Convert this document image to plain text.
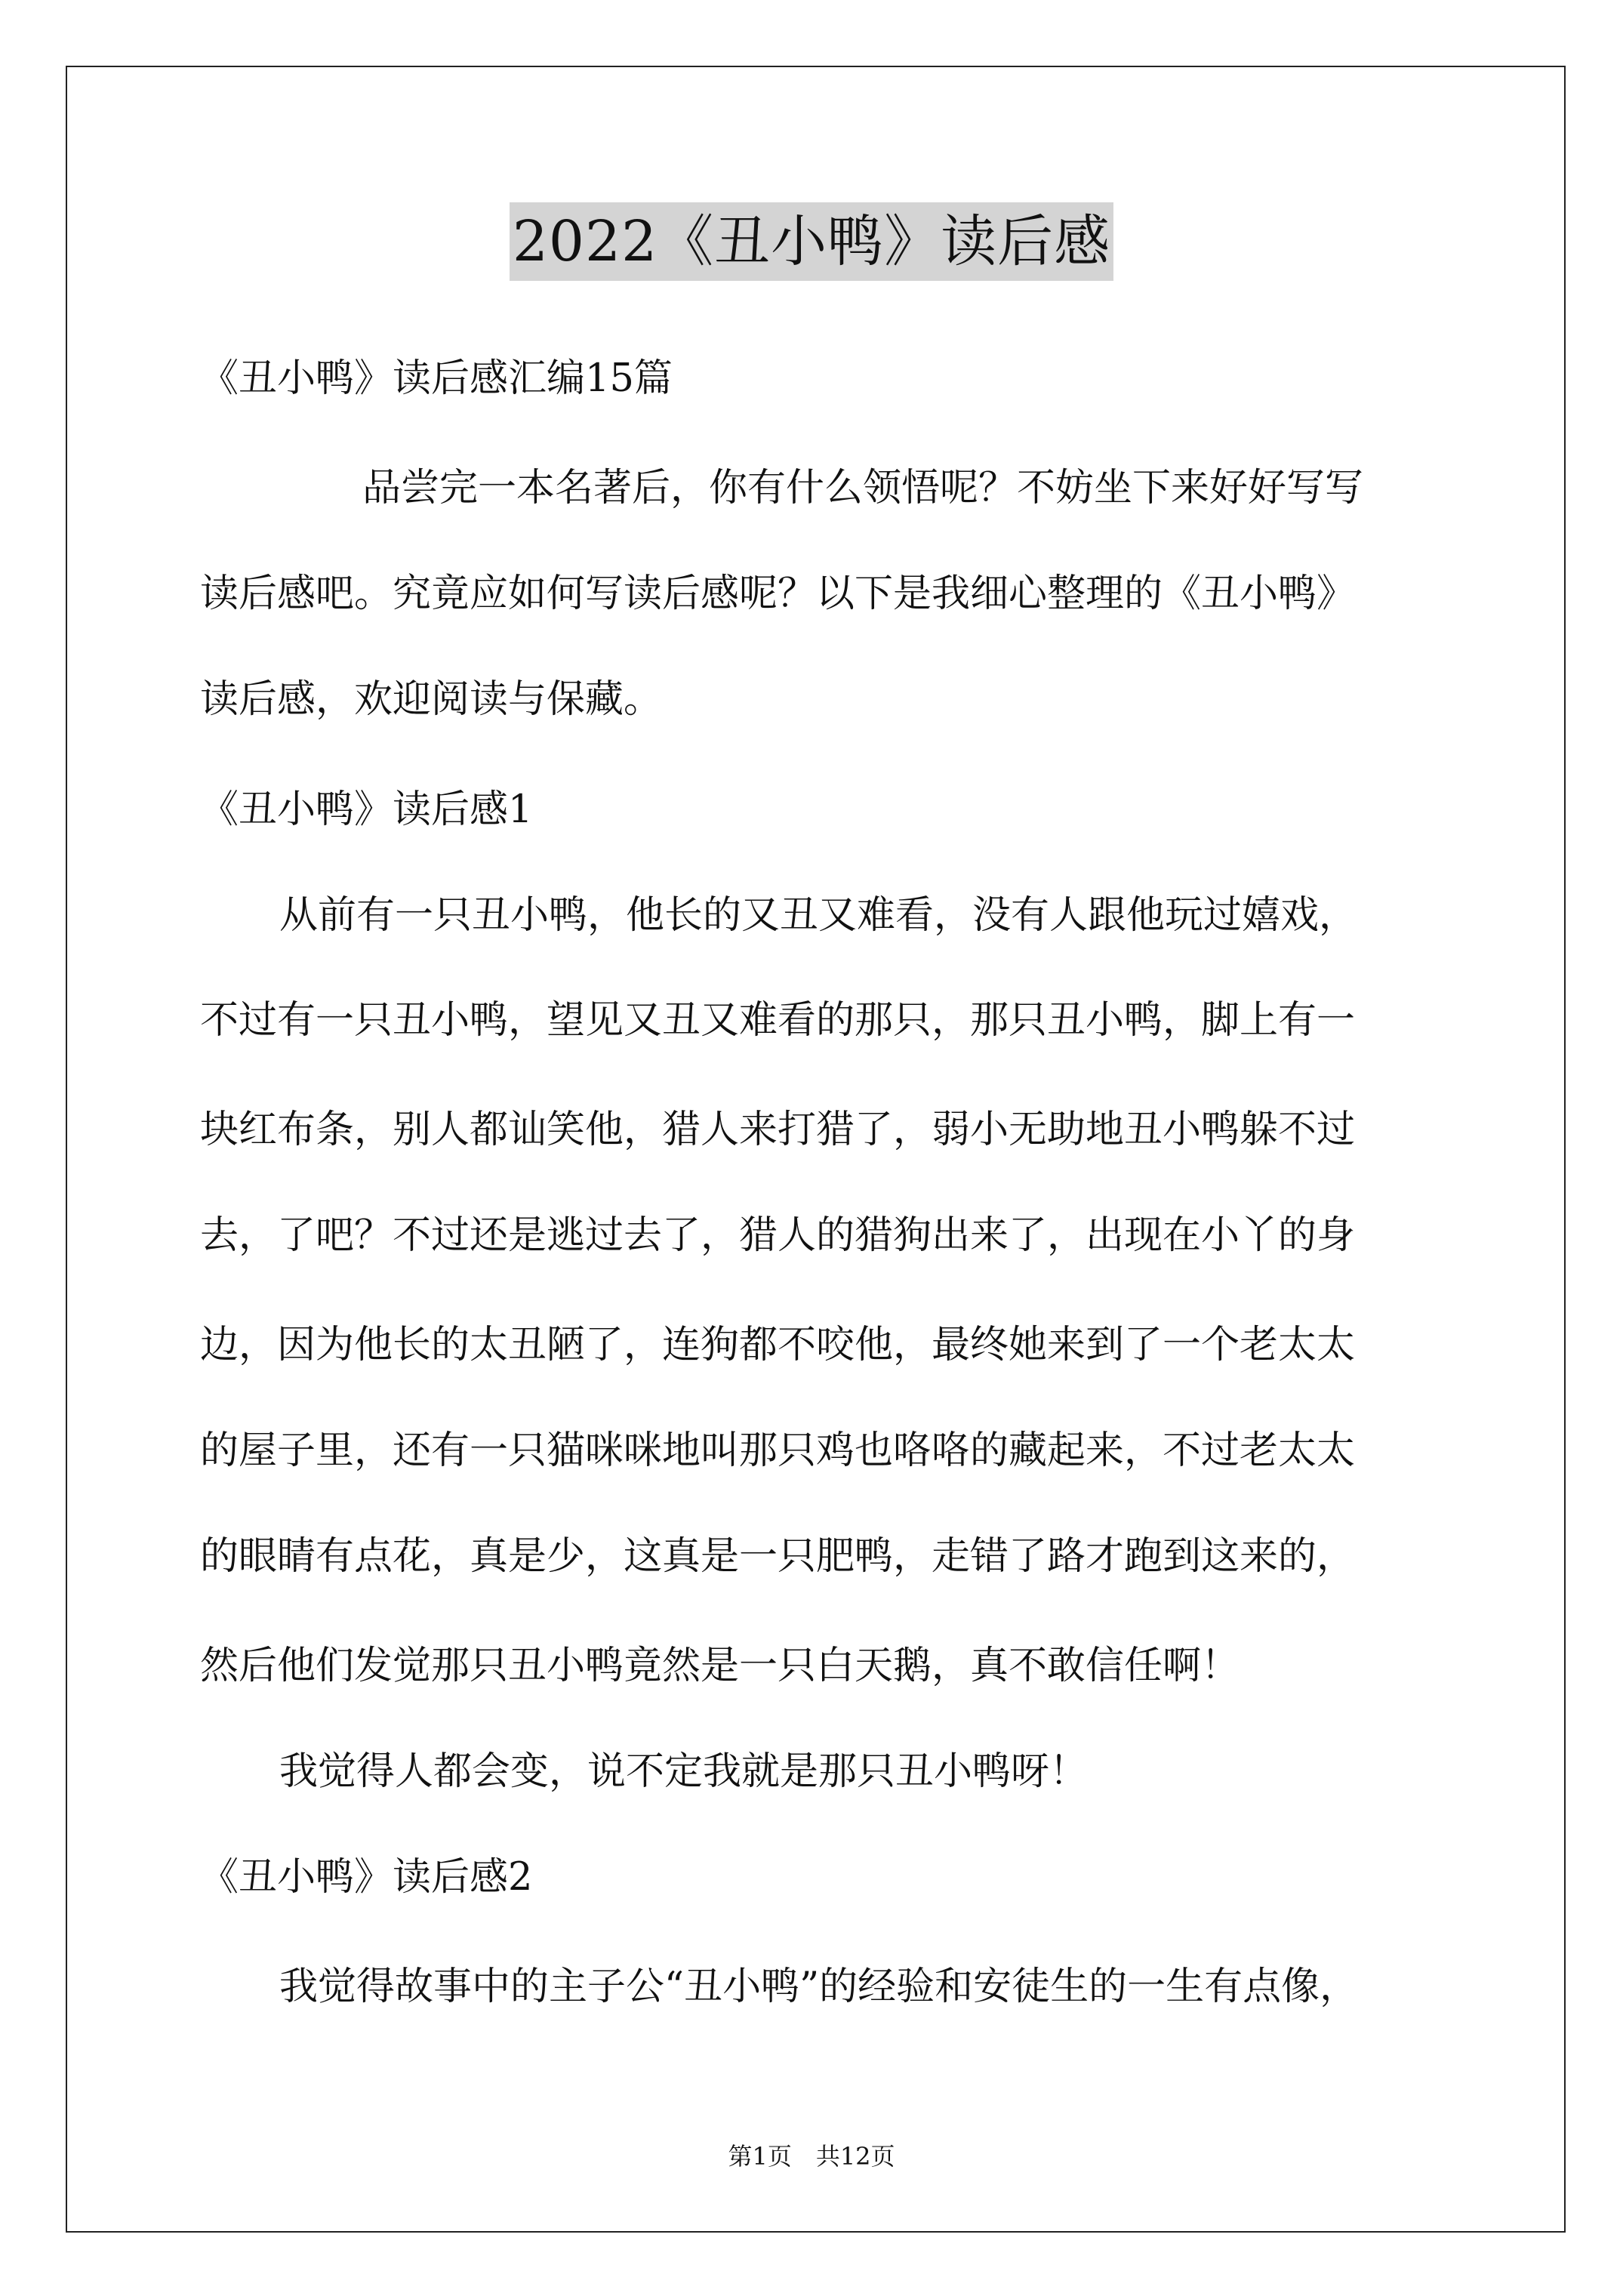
2022《丑小鸭》读后感
《丑小鸭》读后感汇编15篇
品尝完一本名著后，你有什么领悟呢？不妨坐下来好好写写
读后感吧。究竟应如何写读后感呢？以下是我细心整理的《丑小鸭》
读后感，欢迎阅读与保藏。
《丑小鸭》读后感1
从前有一只丑小鸭，他长的又丑又难看，没有人跟他玩过嬉戏，
不过有一只丑小鸭，望见又丑又难看的那只，那只丑小鸭，脚上有一
块红布条，别人都讪笑他，猎人来打猎了，弱小无助地丑小鸭躲不过
去，了吧？不过还是逃过去了，猎人的猎狗出来了，出现在小丫的身
边，因为他长的太丑陋了，连狗都不咬他，最终她来到了一个老太太
的屋子里，还有一只猫咪咪地叫那只鸡也咯咯的藏起来，不过老太太
的眼睛有点花，真是少，这真是一只肥鸭，走错了路才跑到这来的，
然后他们发觉那只丑小鸭竟然是一只白天鹅，真不敢信任啊！
我觉得人都会变，说不定我就是那只丑小鸭呀！
《丑小鸭》读后感2
我觉得故事中的主子公“丑小鸭”的经验和安徒生的一生有点像，
第1页　共12页
